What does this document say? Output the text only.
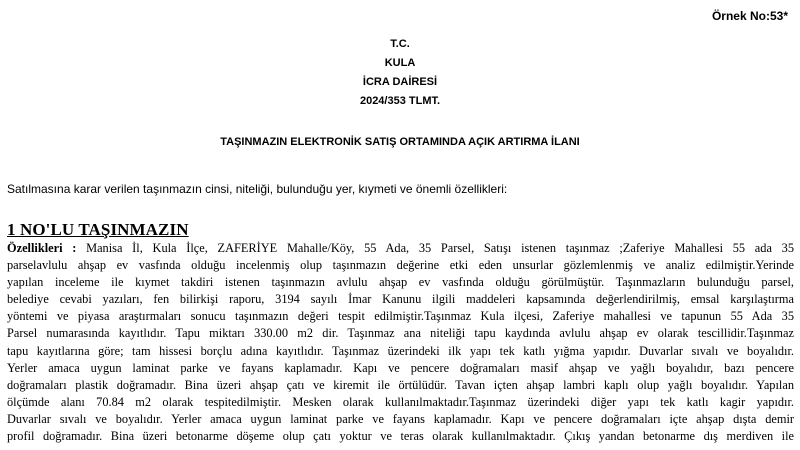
Örnek No:53*
T.C.
KULA
İCRA DAİRESİ
2024/353 TLMT.
TAŞINMAZIN ELEKTRONİK SATIŞ ORTAMINDA AÇIK ARTIRMA İLANI
Satılmasına karar verilen taşınmazın cinsi, niteliği, bulunduğu yer, kıymeti ve önemli özellikleri:
1 NO'LU TAŞINMAZIN
Özellikleri : Manisa İl, Kula İlçe, ZAFERİYE Mahalle/Köy, 55 Ada, 35 Parsel, Satışı istenen taşınmaz ;Zaferiye Mahallesi 55 ada 35
parselavlulu ahşap ev vasfında olduğu incelenmiş olup taşınmazın değerine etki eden unsurlar gözlemlenmiş ve analiz edilmiştir.Yerinde
yapılan inceleme ile kıymet takdiri istenen taşınmazın avlulu ahşap ev vasfında olduğu görülmüştür. Taşınmazların bulunduğu parsel,
belediye cevabi yazıları, fen bilirkişi raporu, 3194 sayılı İmar Kanunu ilgili maddeleri kapsamında değerlendirilmiş, emsal karşılaştırma
yöntemi ve piyasa araştırmaları sonucu taşınmazın değeri tespit edilmiştir.Taşınmaz Kula ilçesi, Zaferiye mahallesi ve tapunun 55 Ada 35
Parsel numarasında kayıtlıdır. Tapu miktarı 330.00 m2 dir. Taşınmaz ana niteliği tapu kaydında avlulu ahşap ev olarak tescillidir.Taşınmaz
tapu kayıtlarına göre; tam hissesi borçlu adına kayıtlıdır. Taşınmaz üzerindeki ilk yapı tek katlı yığma yapıdır. Duvarlar sıvalı ve boyalıdır.
Yerler amaca uygun laminat parke ve fayans kaplamadır. Kapı ve pencere doğramaları masif ahşap ve yağlı boyalıdır, bazı pencere
doğramaları plastik doğramadır. Bina üzeri ahşap çatı ve kiremit ile örtülüdür. Tavan içten ahşap lambri kaplı olup yağlı boyalıdır. Yapılan
ölçümde alanı 70.84 m2 olarak tespitedilmiştir. Mesken olarak kullanılmaktadır.Taşınmaz üzerindeki diğer yapı tek katlı kagir yapıdır.
Duvarlar sıvalı ve boyalıdır. Yerler amaca uygun laminat parke ve fayans kaplamadır. Kapı ve pencere doğramaları içte ahşap dışta demir
profil doğramadır. Bina üzeri betonarme döşeme olup çatı yoktur ve teras olarak kullanılmaktadır. Çıkış yandan betonarme dış merdiven ile
